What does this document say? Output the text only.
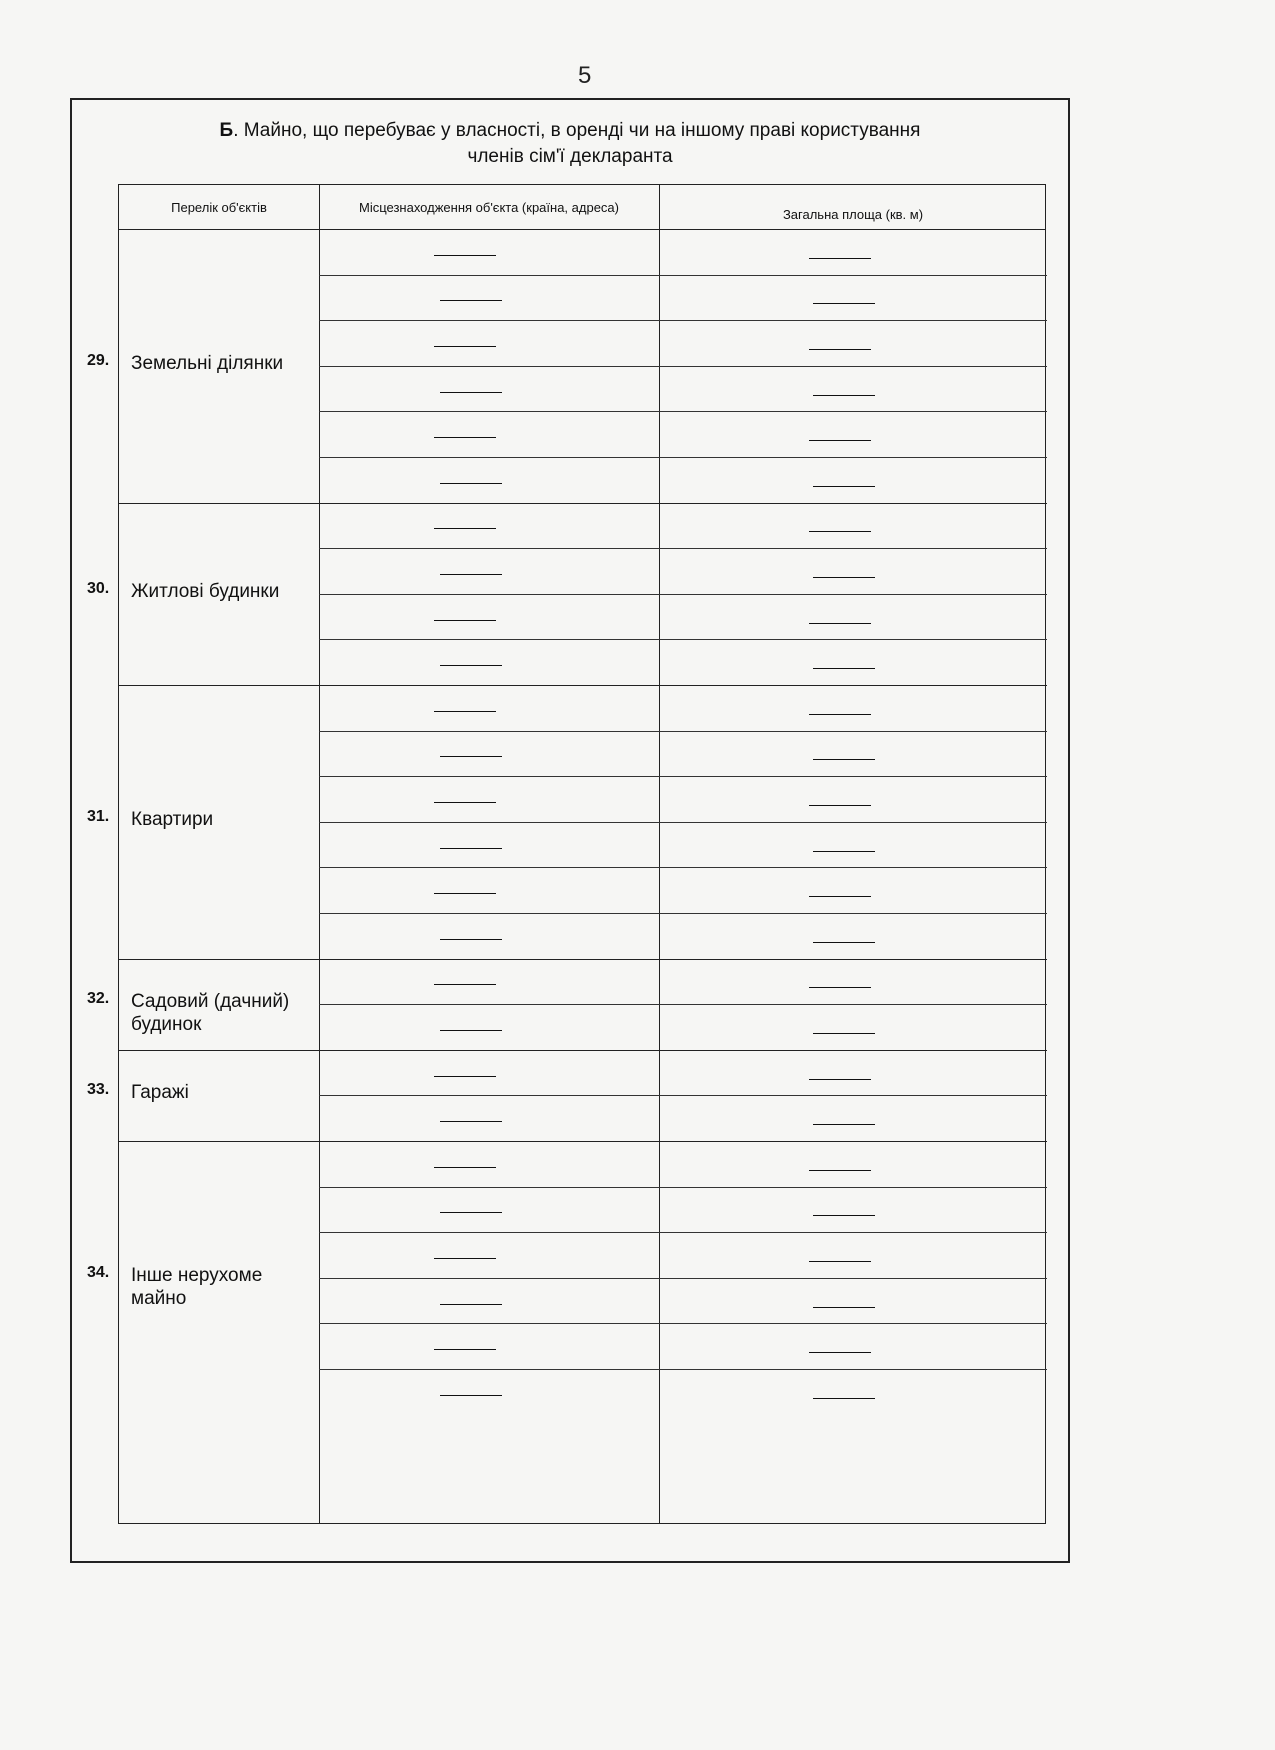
5
Б. Майно, що перебуває у власності, в оренді чи на іншому праві користування
членів сім'ї декларанта
Перелік об'єктів	Місцезнаходження об'єкта (країна, адреса)	Загальна площа (кв. м)
29. Земельні ділянки
30. Житлові будинки
31. Квартири
32. Садовий (дачний) будинок
33. Гаражі
34. Інше нерухоме майно
